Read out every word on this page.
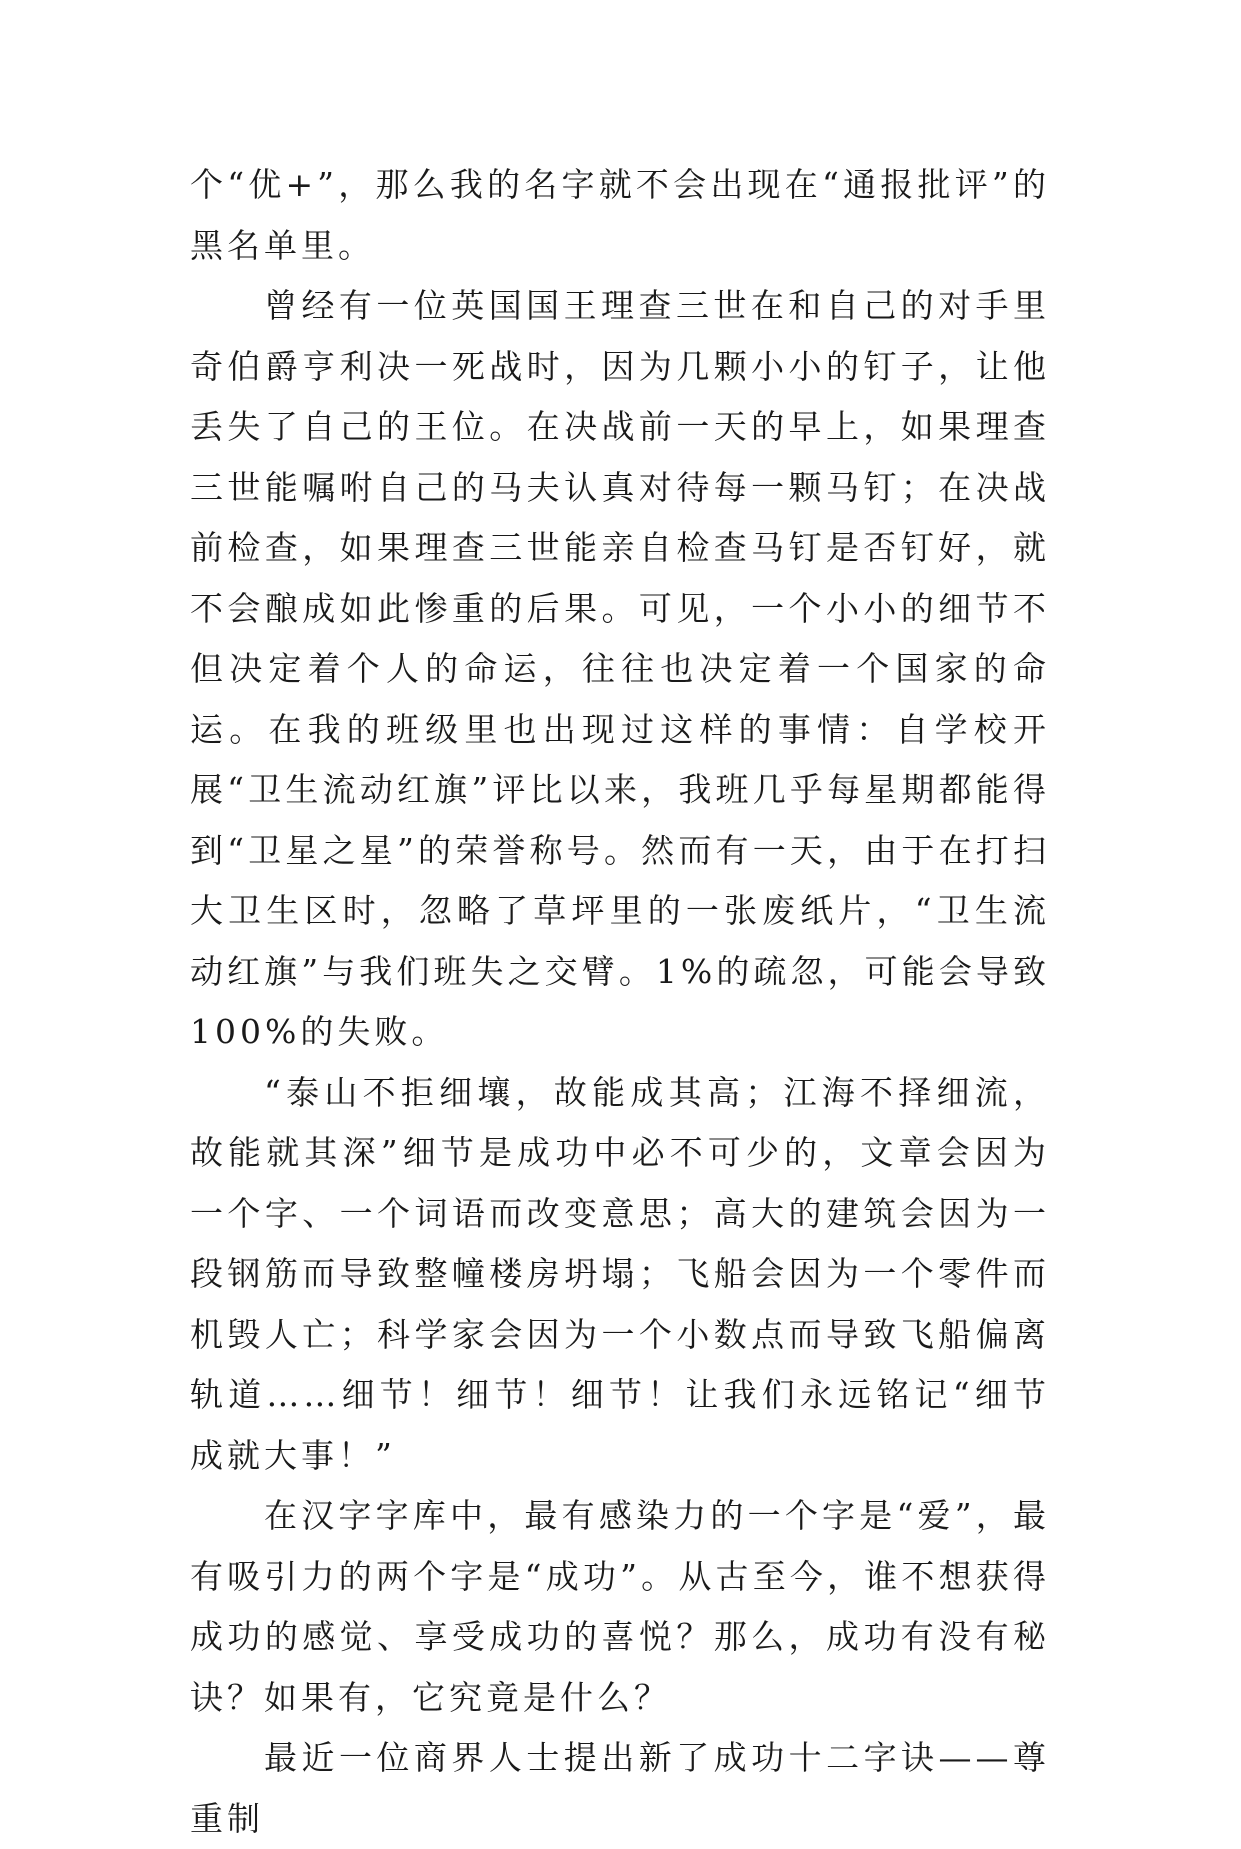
个“优+”，那么我的名字就不会出现在“通报批评”的黑名单里。

曾经有一位英国国王理查三世在和自己的对手里奇伯爵亨利决一死战时，因为几颗小小的钉子，让他丢失了自己的王位。在决战前一天的早上，如果理查三世能嘱咐自己的马夫认真对待每一颗马钉；在决战前检查，如果理查三世能亲自检查马钉是否钉好，就不会酿成如此惨重的后果。可见，一个小小的细节不但决定着个人的命运，往往也决定着一个国家的命运。在我的班级里也出现过这样的事情：自学校开展“卫生流动红旗”评比以来，我班几乎每星期都能得到“卫星之星”的荣誉称号。然而有一天，由于在打扫大卫生区时，忽略了草坪里的一张废纸片，“卫生流动红旗”与我们班失之交臂。1%的疏忽，可能会导致 100%的失败。

“泰山不拒细壤，故能成其高；江海不择细流，故能就其深”细节是成功中必不可少的，文章会因为一个字、一个词语而改变意思；高大的建筑会因为一段钢筋而导致整幢楼房坍塌；飞船会因为一个零件而机毁人亡；科学家会因为一个小数点而导致飞船偏离轨道……细节！细节！细节！让我们永远铭记“细节成就大事！”

在汉字字库中，最有感染力的一个字是“爱”，最有吸引力的两个字是“成功”。从古至今，谁不想获得成功的感觉、享受成功的喜悦？那么，成功有没有秘诀？如果有，它究竟是什么？

最近一位商界人士提出新了成功十二字诀——尊重制
